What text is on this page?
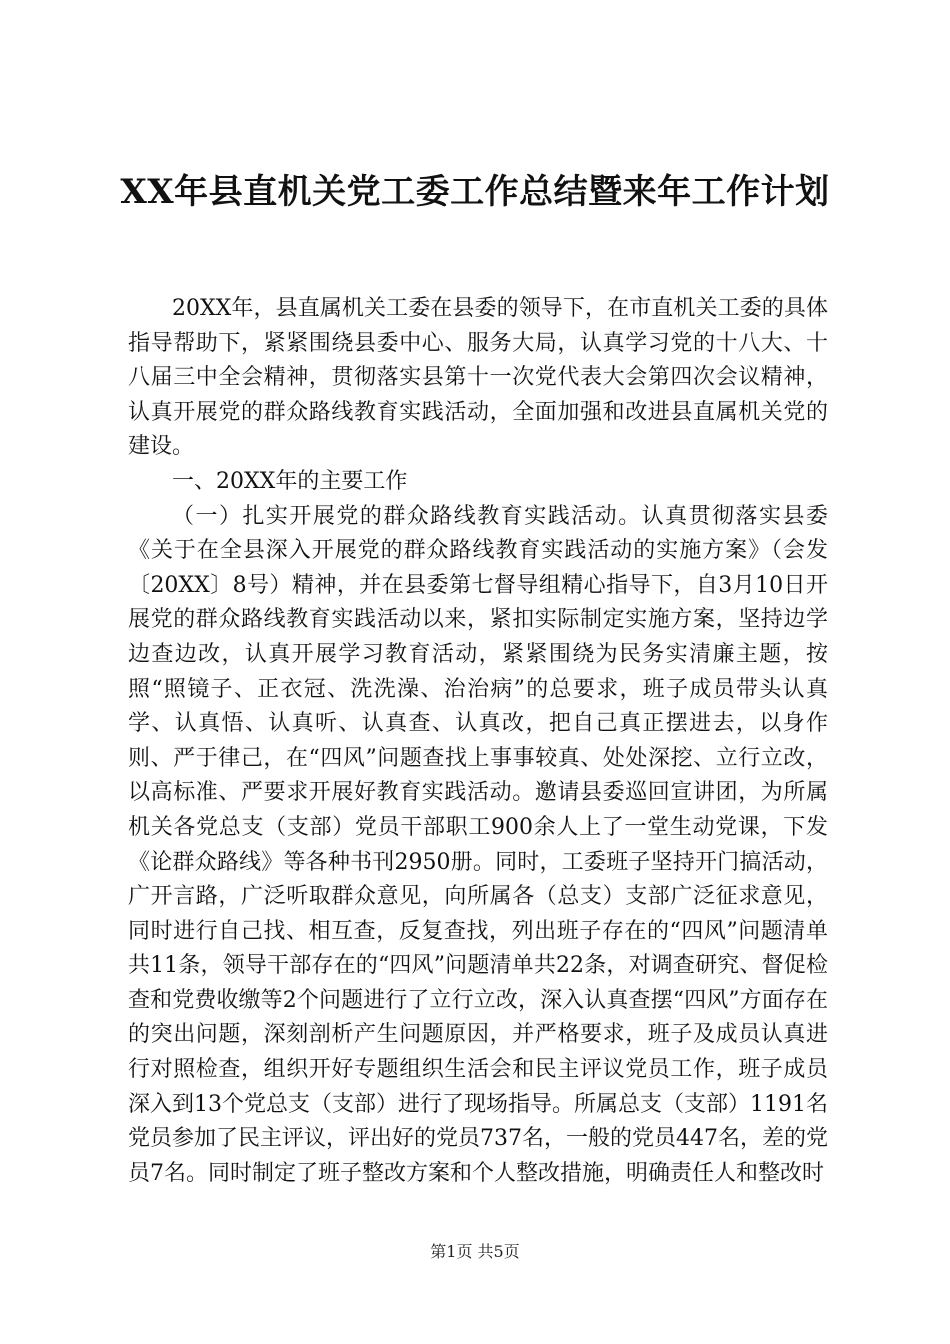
XX年县直机关党工委工作总结暨来年工作计划

20XX年，县直属机关工委在县委的领导下，在市直机关工委的具体指导帮助下，紧紧围绕县委中心、服务大局，认真学习党的十八大、十八届三中全会精神，贯彻落实县第十一次党代表大会第四次会议精神，认真开展党的群众路线教育实践活动，全面加强和改进县直属机关党的建设。

一、20XX年的主要工作

（一）扎实开展党的群众路线教育实践活动。认真贯彻落实县委《关于在全县深入开展党的群众路线教育实践活动的实施方案》（会发〔20XX〕8号）精神，并在县委第七督导组精心指导下，自3月10日开展党的群众路线教育实践活动以来，紧扣实际制定实施方案，坚持边学边查边改，认真开展学习教育活动，紧紧围绕为民务实清廉主题，按照“照镜子、正衣冠、洗洗澡、治治病”的总要求，班子成员带头认真学、认真悟、认真听、认真查、认真改，把自己真正摆进去，以身作则、严于律己，在“四风”问题查找上事事较真、处处深挖、立行立改，以高标准、严要求开展好教育实践活动。邀请县委巡回宣讲团，为所属机关各党总支（支部）党员干部职工900余人上了一堂生动党课，下发《论群众路线》等各种书刊2950册。同时，工委班子坚持开门搞活动，广开言路，广泛听取群众意见，向所属各（总支）支部广泛征求意见，同时进行自己找、相互查，反复查找，列出班子存在的“四风”问题清单共11条，领导干部存在的“四风”问题清单共22条，对调查研究、督促检查和党费收缴等2个问题进行了立行立改，深入认真查摆“四风”方面存在的突出问题，深刻剖析产生问题原因，并严格要求，班子及成员认真进行对照检查，组织开好专题组织生活会和民主评议党员工作，班子成员深入到13个党总支（支部）进行了现场指导。所属总支（支部）1191名党员参加了民主评议，评出好的党员737名，一般的党员447名，差的党员7名。同时制定了班子整改方案和个人整改措施，明确责任人和整改时

第1页 共5页
